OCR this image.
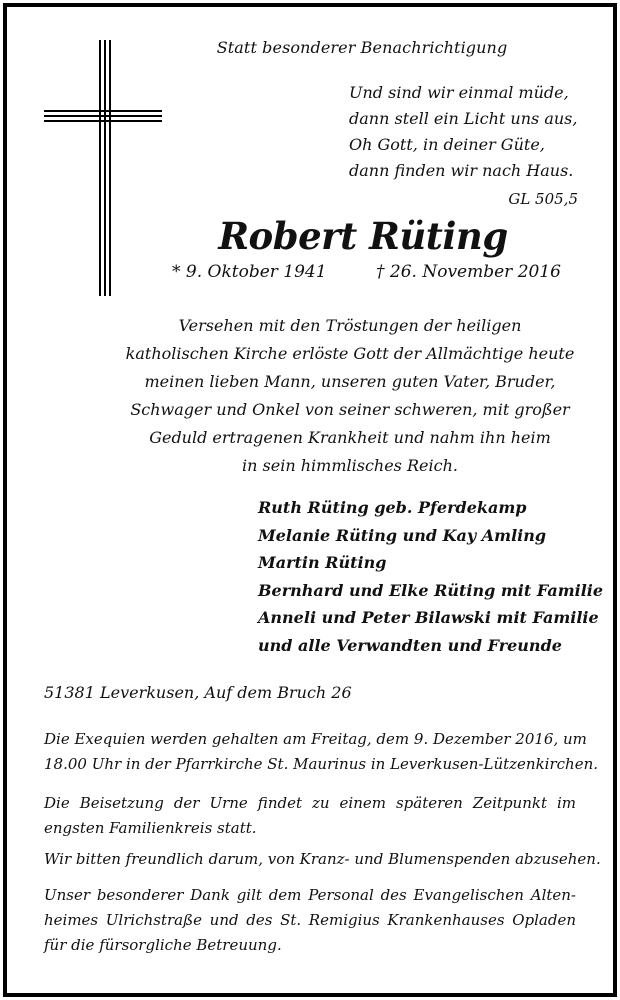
Statt besonderer Benachrichtigung
Und sind wir einmal müde,
dann stell ein Licht uns aus,
Oh Gott, in deiner Güte,
dann finden wir nach Haus.
GL 505,5
Robert Rüting
* 9. Oktober 1941	† 26. November 2016
Versehen mit den Tröstungen der heiligen
katholischen Kirche erlöste Gott der Allmächtige heute
meinen lieben Mann, unseren guten Vater, Bruder,
Schwager und Onkel von seiner schweren, mit großer
Geduld ertragenen Krankheit und nahm ihn heim
in sein himmlisches Reich.
Ruth Rüting geb. Pferdekamp
Melanie Rüting und Kay Amling
Martin Rüting
Bernhard und Elke Rüting mit Familie
Anneli und Peter Bilawski mit Familie
und alle Verwandten und Freunde
51381 Leverkusen, Auf dem Bruch 26
Die Exequien werden gehalten am Freitag, dem 9. Dezember 2016, um
18.00 Uhr in der Pfarrkirche St. Maurinus in Leverkusen-Lützenkirchen.
Die Beisetzung der Urne findet zu einem späteren Zeitpunkt im
engsten Familienkreis statt.
Wir bitten freundlich darum, von Kranz- und Blumenspenden abzusehen.
Unser besonderer Dank gilt dem Personal des Evangelischen Alten-
heimes Ulrichstraße und des St. Remigius Krankenhauses Opladen
für die fürsorgliche Betreuung.
